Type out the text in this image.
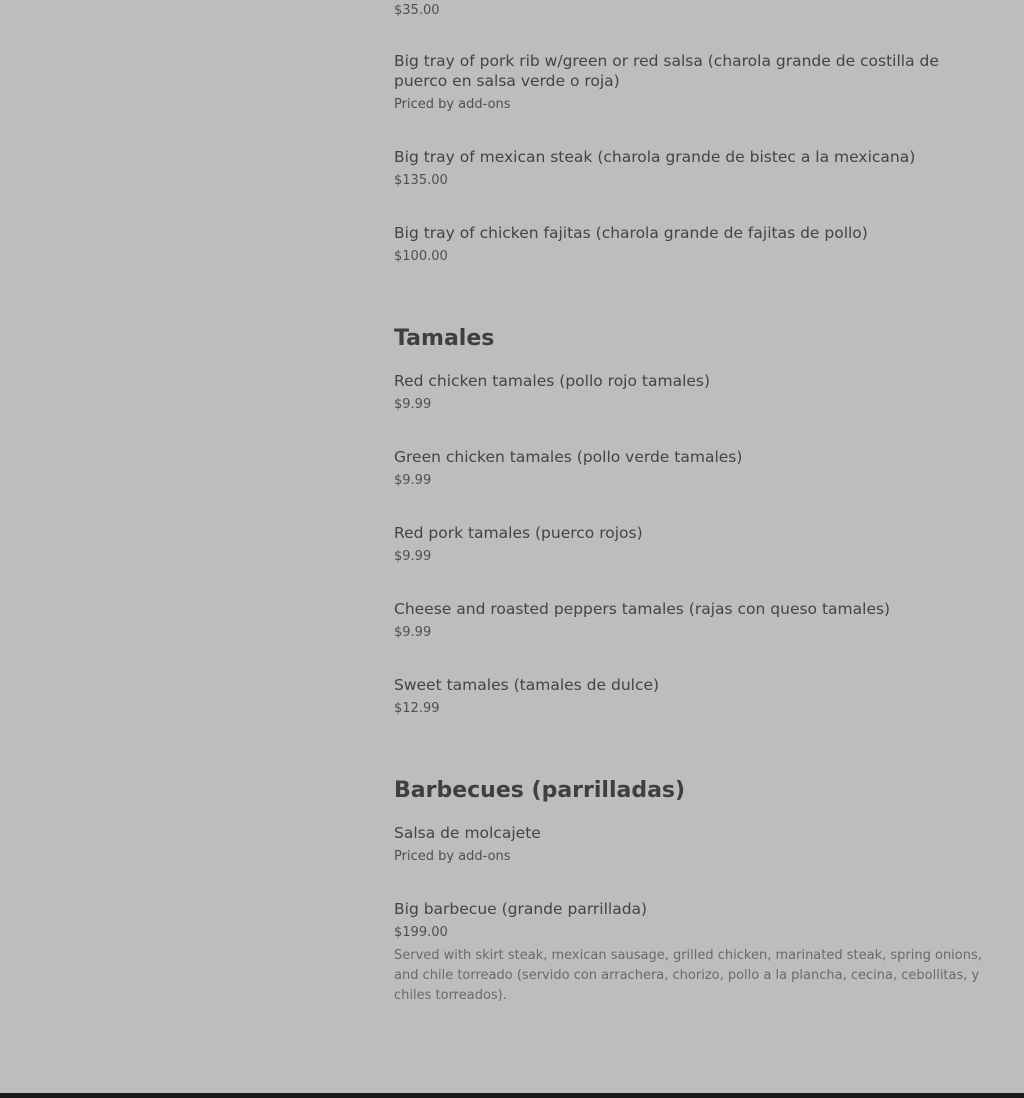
$35.00

Big tray of pork rib w/green or red salsa (charola grande de costilla de puerco en salsa verde o roja)

Priced by add-ons

Big tray of mexican steak (charola grande de bistec a la mexicana)

$135.00

Big tray of chicken fajitas (charola grande de fajitas de pollo)

$100.00

Tamales

Red chicken tamales (pollo rojo tamales)

$9.99

Green chicken tamales (pollo verde tamales)

$9.99

Red pork tamales (puerco rojos)

$9.99

Cheese and roasted peppers tamales (rajas con queso tamales)

$9.99

Sweet tamales (tamales de dulce)

$12.99

Barbecues (parrilladas)

Salsa de molcajete

Priced by add-ons

Big barbecue (grande parrillada)

$199.00

Served with skirt steak, mexican sausage, grilled chicken, marinated steak, spring onions, and chile torreado (servido con arrachera, chorizo, pollo a la plancha, cecina, cebollitas, y chiles torreados).
